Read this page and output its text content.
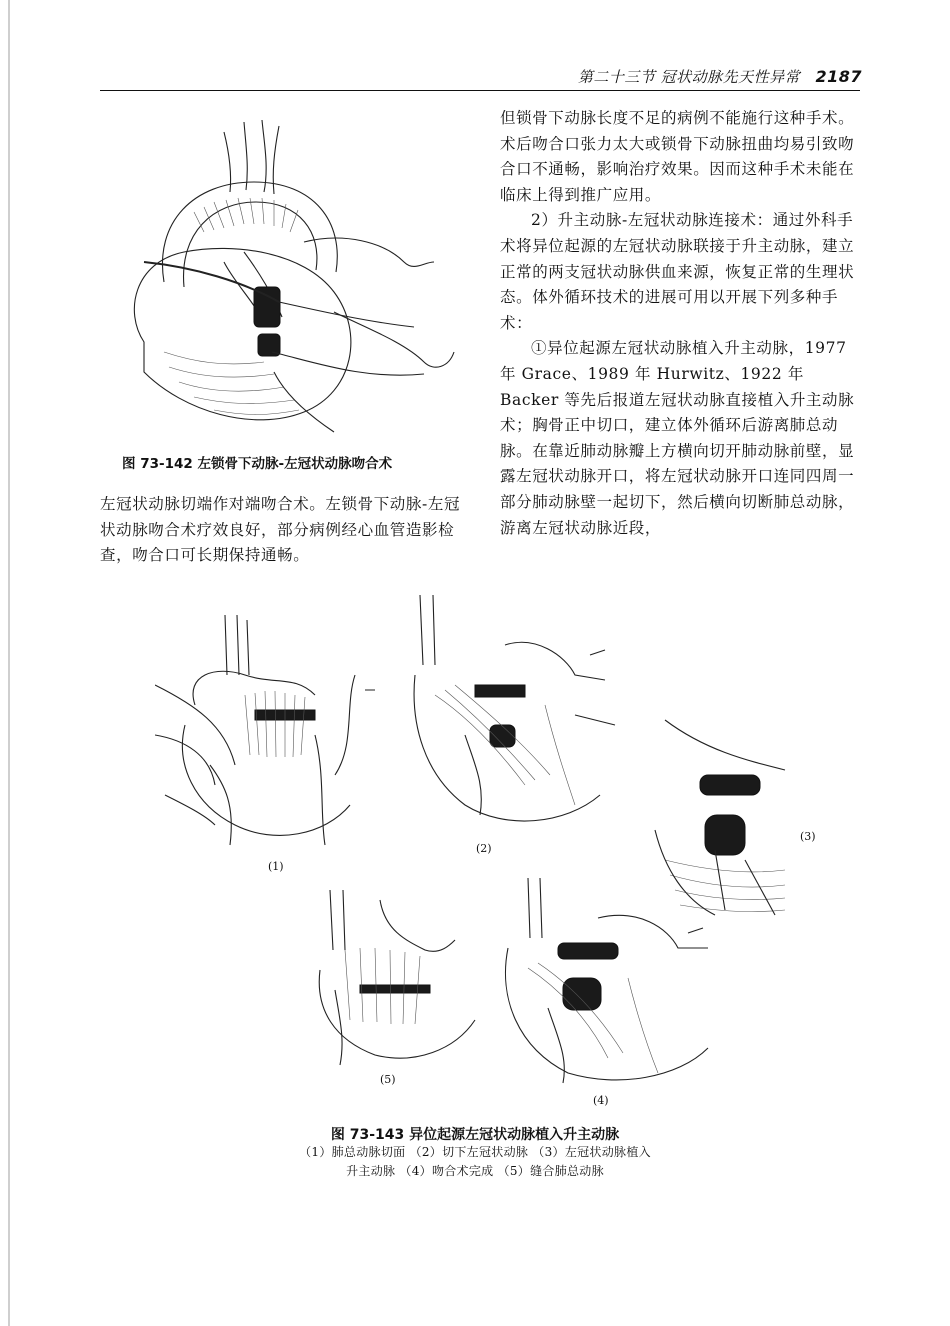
第二十三节 冠状动脉先天性异常 2187
图 73-142 左锁骨下动脉-左冠状动脉吻合术

但锁骨下动脉长度不足的病例不能施行这种手术。术后吻合口张力太大或锁骨下动脉扭曲均易引致吻合口不通畅，影响治疗效果。因而这种手术未能在临床上得到推广应用。

2）升主动脉-左冠状动脉连接术：通过外科手术将异位起源的左冠状动脉联接于升主动脉，建立正常的两支冠状动脉供血来源，恢复正常的生理状态。体外循环技术的进展可用以开展下列多种手术：

①异位起源左冠状动脉植入升主动脉，1977 年 Grace、1989 年 Hurwitz、1922 年 Backer 等先后报道左冠状动脉直接植入升主动脉术；胸骨正中切口，建立体外循环后游离肺总动脉。在靠近肺动脉瓣上方横向切开肺动脉前壁，显露左冠状动脉开口，将左冠状动脉开口连同四周一部分肺动脉壁一起切下，然后横向切断肺总动脉，游离左冠状动脉近段，

左冠状动脉切端作对端吻合术。左锁骨下动脉-左冠状动脉吻合术疗效良好，部分病例经心血管造影检查，吻合口可长期保持通畅。

(1)
(2)
(3)
(5)
(4)
图 73-143 异位起源左冠状动脉植入升主动脉
（1）肺总动脉切面 （2）切下左冠状动脉 （3）左冠状动脉植入
升主动脉 （4）吻合术完成 （5）缝合肺总动脉
